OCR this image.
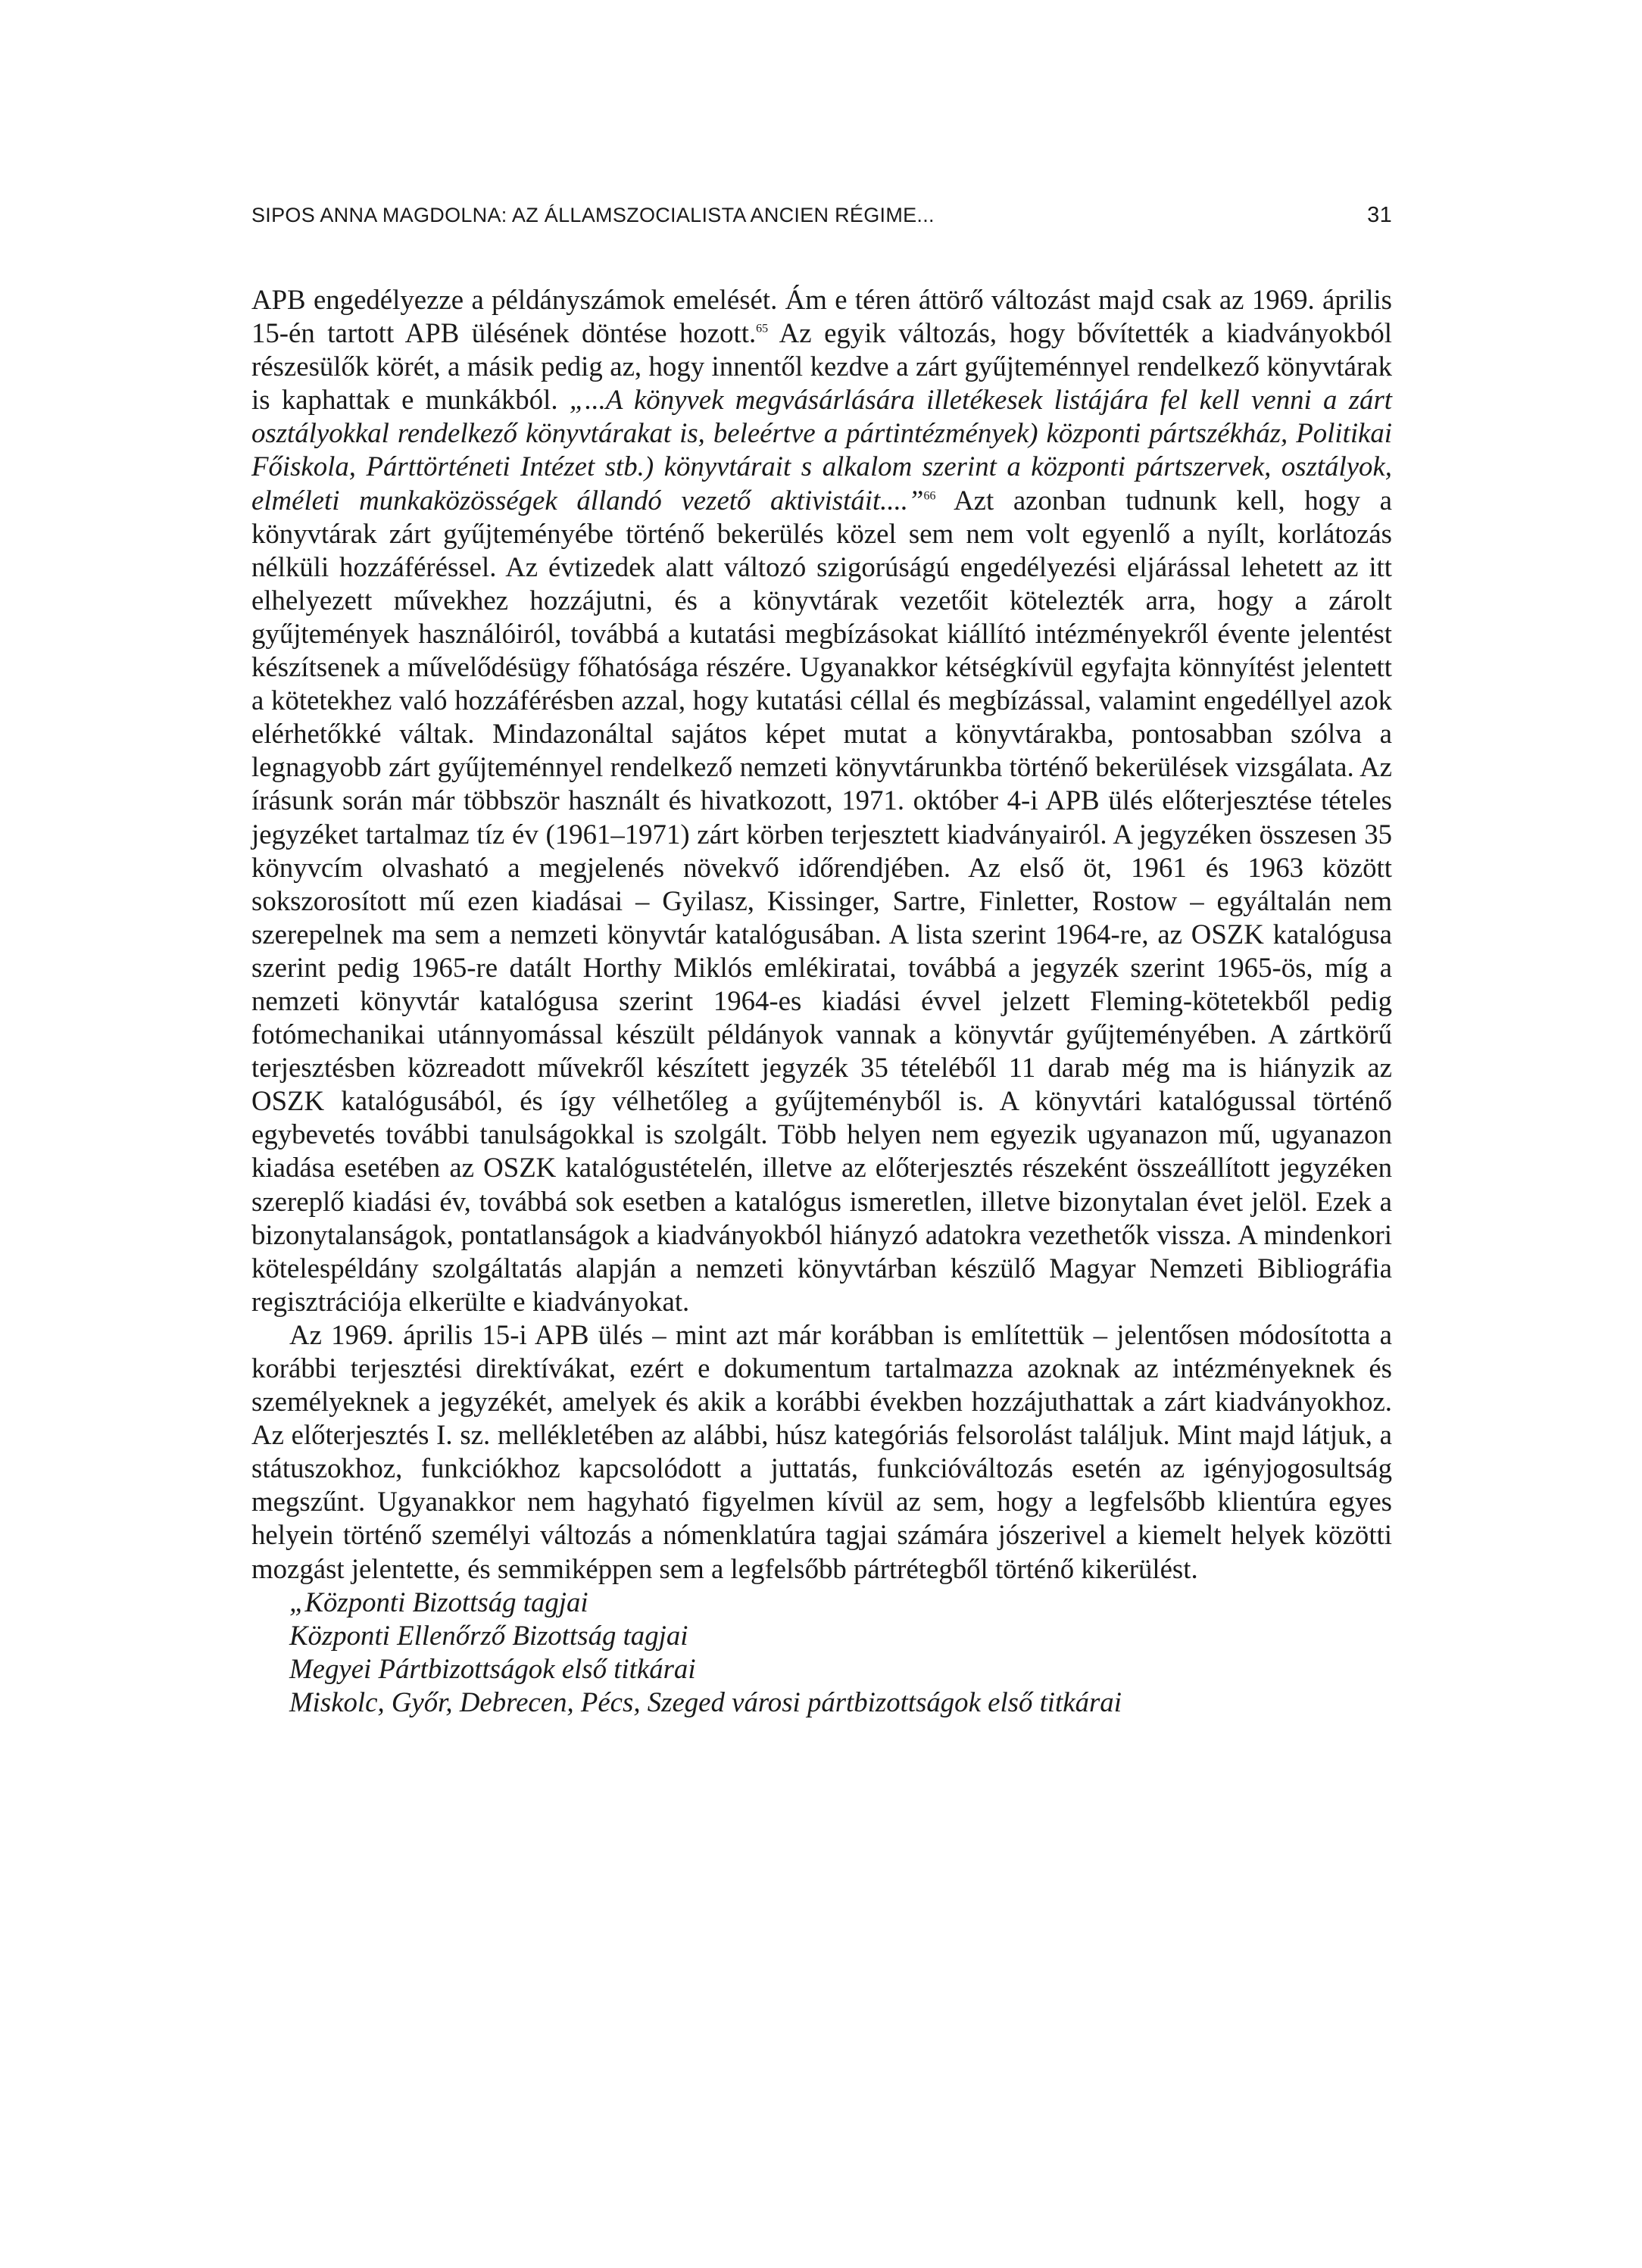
SIPOS ANNA MAGDOLNA: AZ ÁLLAMSZOCIALISTA ANCIEN RÉGIME...	31

APB engedélyezze a példányszámok emelését. Ám e téren áttörő változást majd csak az 1969. április 15-én tartott APB ülésének döntése hozott.$^{65}$ Az egyik változás, hogy bővítették a kiadványokból részesülők körét, a másik pedig az, hogy innentől kezdve a zárt gyűjteménnyel rendelkező könyvtárak is kaphattak e munkákból. „...A könyvek megvásárlására illetékesek listájára fel kell venni a zárt osztályokkal rendelkező könyvtárakat is, beleértve a pártintézmények) központi pártszékház, Politikai Főiskola, Párttörténeti Intézet stb.) könyvtárait s alkalom szerint a központi pártszervek, osztályok, elméleti munkaközösségek állandó vezető aktivistáit....”$^{66}$ Azt azonban tudnunk kell, hogy a könyvtárak zárt gyűjteményébe történő bekerülés közel sem nem volt egyenlő a nyílt, korlátozás nélküli hozzáféréssel. Az évtizedek alatt változó szigorúságú engedélyezési eljárással lehetett az itt elhelyezett művekhez hozzájutni, és a könyvtárak vezetőit kötelezték arra, hogy a zárolt gyűjtemények használóiról, továbbá a kutatási megbízásokat kiállító intézményekről évente jelentést készítsenek a művelődésügy főhatósága részére. Ugyanakkor kétségkívül egyfajta könnyítést jelentett a kötetekhez való hozzáférésben azzal, hogy kutatási céllal és megbízással, valamint engedéllyel azok elérhetőkké váltak. Mindazonáltal sajátos képet mutat a könyvtárakba, pontosabban szólva a legnagyobb zárt gyűjteménnyel rendelkező nemzeti könyvtárunkba történő bekerülések vizsgálata. Az írásunk során már többször használt és hivatkozott, 1971. október 4-i APB ülés előterjesztése tételes jegyzéket tartalmaz tíz év (1961–1971) zárt körben terjesztett kiadványairól. A jegyzéken összesen 35 könyvcím olvasható a megjelenés növekvő időrendjében. Az első öt, 1961 és 1963 között sokszorosított mű ezen kiadásai – Gyilasz, Kissinger, Sartre, Finletter, Rostow – egyáltalán nem szerepelnek ma sem a nemzeti könyvtár katalógusában. A lista szerint 1964-re, az OSZK katalógusa szerint pedig 1965-re datált Horthy Miklós emlékiratai, továbbá a jegyzék szerint 1965-ös, míg a nemzeti könyvtár katalógusa szerint 1964-es kiadási évvel jelzett Fleming-kötetekből pedig fotómechanikai utánnyomással készült példányok vannak a könyvtár gyűjteményében. A zártkörű terjesztésben közreadott művekről készített jegyzék 35 tételéből 11 darab még ma is hiányzik az OSZK katalógusából, és így vélhetőleg a gyűjteményből is. A könyvtári katalógussal történő egybevetés további tanulságokkal is szolgált. Több helyen nem egyezik ugyanazon mű, ugyanazon kiadása esetében az OSZK katalógustételén, illetve az előterjesztés részeként összeállított jegyzéken szereplő kiadási év, továbbá sok esetben a katalógus ismeretlen, illetve bizonytalan évet jelöl. Ezek a bizonytalanságok, pontatlanságok a kiadványokból hiányzó adatokra vezethetők vissza. A mindenkori kötelespéldány szolgáltatás alapján a nemzeti könyvtárban készülő Magyar Nemzeti Bibliográfia regisztrációja elkerülte e kiadványokat.

Az 1969. április 15-i APB ülés – mint azt már korábban is említettük – jelentősen módosította a korábbi terjesztési direktívákat, ezért e dokumentum tartalmazza azoknak az intézményeknek és személyeknek a jegyzékét, amelyek és akik a korábbi években hozzájuthattak a zárt kiadványokhoz. Az előterjesztés I. sz. mellékletében az alábbi, húsz kategóriás felsorolást találjuk. Mint majd látjuk, a státuszokhoz, funkciókhoz kapcsolódott a juttatás, funkcióváltozás esetén az igényjogosultság megszűnt. Ugyanakkor nem hagyható figyelmen kívül az sem, hogy a legfelsőbb klientúra egyes helyein történő személyi változás a nómenklatúra tagjai számára jószerivel a kiemelt helyek közötti mozgást jelentette, és semmiképpen sem a legfelsőbb pártrétegből történő kikerülést.

„Központi Bizottság tagjai
Központi Ellenőrző Bizottság tagjai
Megyei Pártbizottságok első titkárai
Miskolc, Győr, Debrecen, Pécs, Szeged városi pártbizottságok első titkárai
